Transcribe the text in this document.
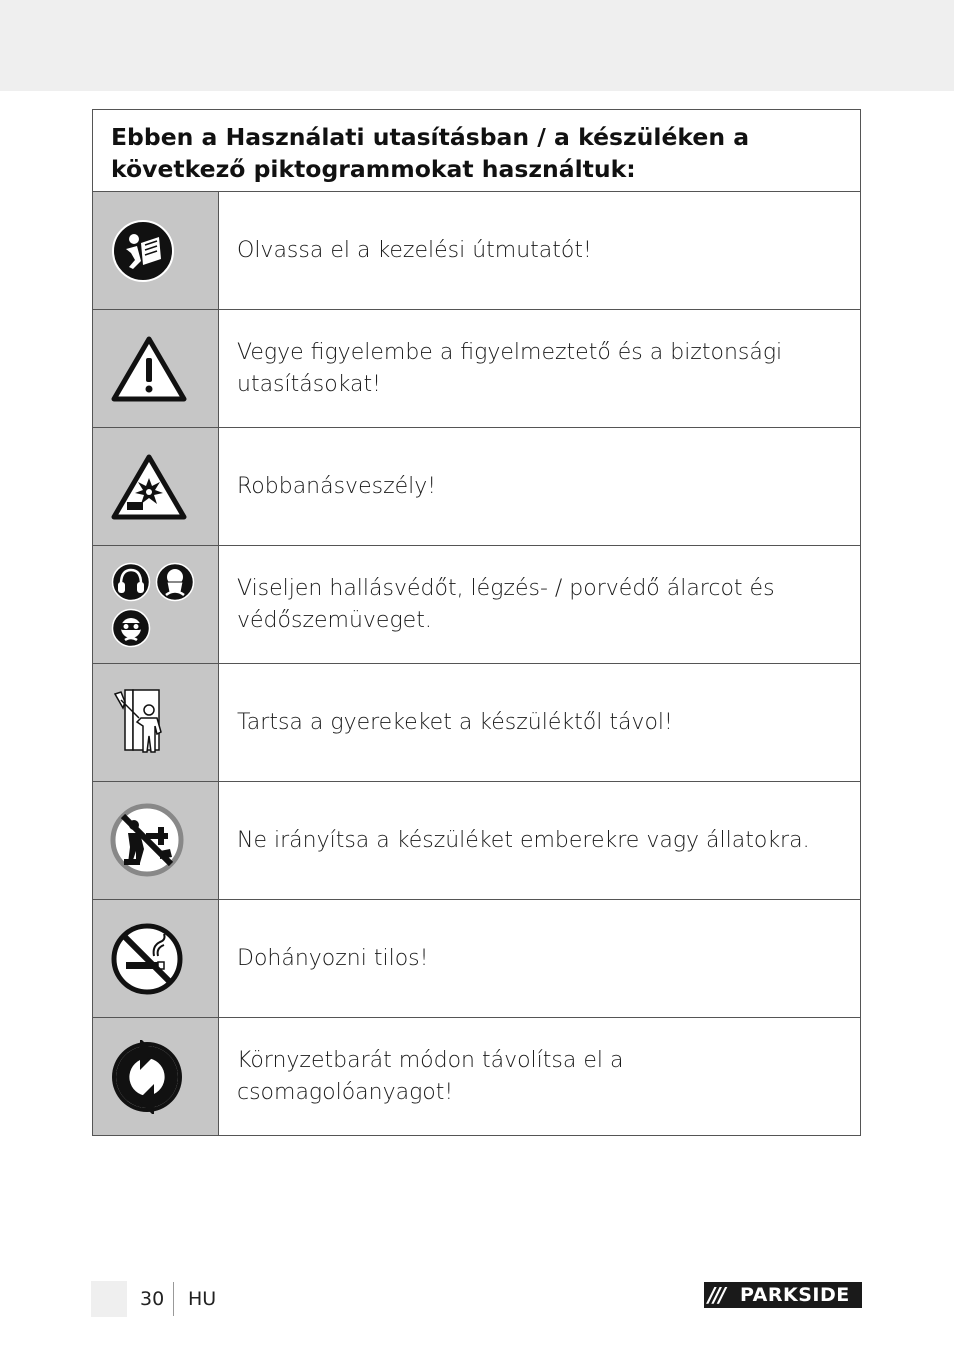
Ebben a Használati utasításban / a készüléken a
következő piktogrammokat használtuk:
Olvassa el a kezelési útmutatót!
Vegye figyelembe a figyelmeztető és a biztonsági utasításokat!
Robbanásveszély!
Viseljen hallásvédőt, légzés- / porvédő álarcot és védőszemüveget.
Tartsa a gyerekeket a készüléktől távol!
Ne irányítsa a készüléket emberekre vagy állatokra.
Dohányozni tilos!
Környzetbarát módon távolítsa el a csomagolóanyagot!
30 HU	/// PARKSIDE
